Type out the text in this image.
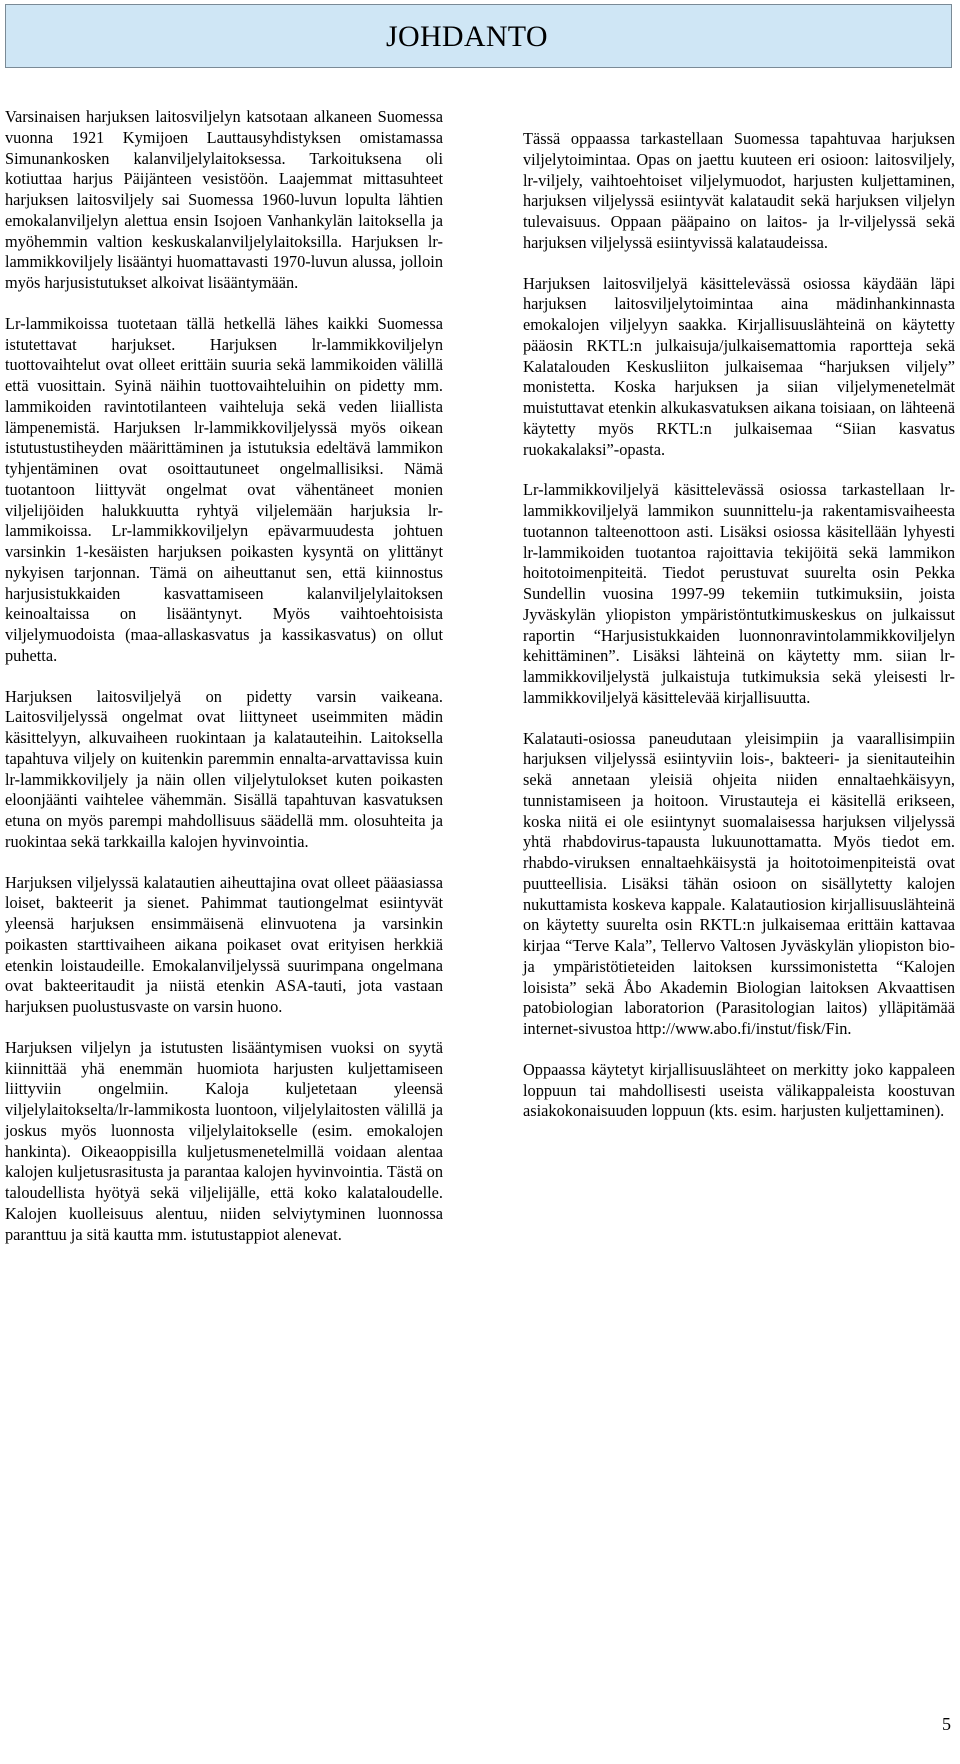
JOHDANTO

Varsinaisen harjuksen laitosviljelyn katsotaan alkaneen Suomessa vuonna 1921 Kymijoen Lauttausyhdistyksen omistamassa Simunankosken kalanviljelylaitoksessa. Tarkoituksena oli kotiuttaa harjus Päijänteen vesistöön. Laajemmat mittasuhteet harjuksen laitosviljely sai Suomessa 1960-luvun lopulta lähtien emokalanviljelyn alettua ensin Isojoen Vanhankylän laitoksella ja myöhemmin valtion keskuskalanviljelylaitoksilla. Harjuksen lr-lammikkoviljely lisääntyi huomattavasti 1970-luvun alussa, jolloin myös harjusistutukset alkoivat lisääntymään.

Lr-lammikoissa tuotetaan tällä hetkellä lähes kaikki Suomessa istutettavat harjukset. Harjuksen lr-lammikkoviljelyn tuottovaihtelut ovat olleet erittäin suuria sekä lammikoiden välillä että vuosittain. Syinä näihin tuottovaihteluihin on pidetty mm. lammikoiden ravintotilanteen vaihteluja sekä veden liiallista lämpenemistä. Harjuksen lr-lammikkoviljelyssä myös oikean istutustustiheyden määrittäminen ja istutuksia edeltävä lammikon tyhjentäminen ovat osoittautuneet ongelmallisiksi. Nämä tuotantoon liittyvät ongelmat ovat vähentäneet monien viljelijöiden halukkuutta ryhtyä viljelemään harjuksia lr-lammikoissa. Lr-lammikkoviljelyn epävarmuudesta johtuen varsinkin 1-kesäisten harjuksen poikasten kysyntä on ylittänyt nykyisen tarjonnan. Tämä on aiheuttanut sen, että kiinnostus harjusistukkaiden kasvattamiseen kalanviljelylaitoksen keinoaltaissa on lisääntynyt. Myös vaihtoehtoisista viljelymuodoista (maa-allaskasvatus ja kassikasvatus) on ollut puhetta.

Harjuksen laitosviljelyä on pidetty varsin vaikeana. Laitosviljelyssä ongelmat ovat liittyneet useimmiten mädin käsittelyyn, alkuvaiheen ruokintaan ja kalatauteihin. Laitoksella tapahtuva viljely on kuitenkin paremmin ennalta-arvattavissa kuin lr-lammikkoviljely ja näin ollen viljelytulokset kuten poikasten eloonjäänti vaihtelee vähemmän. Sisällä tapahtuvan kasvatuksen etuna on myös parempi mahdollisuus säädellä mm. olosuhteita ja ruokintaa sekä tarkkailla kalojen hyvinvointia.

Harjuksen viljelyssä kalatautien aiheuttajina ovat olleet pääasiassa loiset, bakteerit ja sienet. Pahimmat tautiongelmat esiintyvät yleensä harjuksen ensimmäisenä elinvuotena ja varsinkin poikasten starttivaiheen aikana poikaset ovat erityisen herkkiä etenkin loistaudeille. Emokalanviljelyssä suurimpana ongelmana ovat bakteeritaudit ja niistä etenkin ASA-tauti, jota vastaan harjuksen puolustusvaste on varsin huono.

Harjuksen viljelyn ja istutusten lisääntymisen vuoksi on syytä kiinnittää yhä enemmän huomiota harjusten kuljettamiseen liittyviin ongelmiin. Kaloja kuljetetaan yleensä viljelylaitokselta/lr-lammikosta luontoon, viljelylaitosten välillä ja joskus myös luonnosta viljelylaitokselle (esim. emokalojen hankinta). Oikeaoppisilla kuljetusmenetelmillä voidaan alentaa kalojen kuljetusrasitusta ja parantaa kalojen hyvinvointia. Tästä on taloudellista hyötyä sekä viljelijälle, että koko kalataloudelle. Kalojen kuolleisuus alentuu, niiden selviytyminen luonnossa paranttuu ja sitä kautta mm. istutustappiot alenevat.

Tässä oppaassa tarkastellaan Suomessa tapahtuvaa harjuksen viljelytoimintaa. Opas on jaettu kuuteen eri osioon: laitosviljely, lr-viljely, vaihtoehtoiset viljelymuodot, harjusten kuljettaminen, harjuksen viljelyssä esiintyvät kalataudit sekä harjuksen viljelyn tulevaisuus. Oppaan pääpaino on laitos- ja lr-viljelyssä sekä harjuksen viljelyssä esiintyvissä kalataudeissa.

Harjuksen laitosviljelyä käsittelevässä osiossa käydään läpi harjuksen laitosviljelytoimintaa aina mädinhankinnasta emokalojen viljelyyn saakka. Kirjallisuuslähteinä on käytetty pääosin RKTL:n julkaisuja/julkaisemattomia raportteja sekä Kalatalouden Keskusliiton julkaisemaa “harjuksen viljely” monistetta. Koska harjuksen ja siian viljelymenetelmät muistuttavat etenkin alkukasvatuksen aikana toisiaan, on lähteenä käytetty myös RKTL:n julkaisemaa “Siian kasvatus ruokakalaksi”-opasta.

Lr-lammikkoviljelyä käsittelevässä osiossa tarkastellaan lr-lammikkoviljelyä lammikon suunnittelu-ja rakentamisvaiheesta tuotannon talteenottoon asti. Lisäksi osiossa käsitellään lyhyesti lr-lammikoiden tuotantoa rajoittavia tekijöitä sekä lammikon hoitotoimenpiteitä. Tiedot perustuvat suurelta osin Pekka Sundellin vuosina 1997-99 tekemiin tutkimuksiin, joista Jyväskylän yliopiston ympäristöntutkimuskeskus on julkaissut raportin “Harjusistukkaiden luonnonravintolammikkoviljelyn kehittäminen”. Lisäksi lähteinä on käytetty mm. siian lr-lammikkoviljelystä julkaistuja tutkimuksia sekä yleisesti lr-lammikkoviljelyä käsittelevää kirjallisuutta.

Kalatauti-osiossa paneudutaan yleisimpiin ja vaarallisimpiin harjuksen viljelyssä esiintyviin lois-, bakteeri- ja sienitauteihin sekä annetaan yleisiä ohjeita niiden ennaltaehkäisyyn, tunnistamiseen ja hoitoon. Virustauteja ei käsitellä erikseen, koska niitä ei ole esiintynyt suomalaisessa harjuksen viljelyssä yhtä rhabdovirus-tapausta lukuunottamatta. Myös tiedot em. rhabdo-viruksen ennaltaehkäisystä ja hoitotoimenpiteistä ovat puutteellisia. Lisäksi tähän osioon on sisällytetty kalojen nukuttamista koskeva kappale. Kalatautiosion kirjallisuuslähteinä on käytetty suurelta osin RKTL:n julkaisemaa erittäin kattavaa kirjaa “Terve Kala”, Tellervo Valtosen Jyväskylän yliopiston bio- ja ympäristötieteiden laitoksen kurssimonistetta “Kalojen loisista” sekä Åbo Akademin Biologian laitoksen Akvaattisen patobiologian laboratorion (Parasitologian laitos) ylläpitämää internet-sivustoa http://www.abo.fi/instut/fisk/Fin.

Oppaassa käytetyt kirjallisuuslähteet on merkitty joko kappaleen loppuun tai mahdollisesti useista välikappaleista koostuvan asiakokonaisuuden loppuun (kts. esim. harjusten kuljettaminen).

5
